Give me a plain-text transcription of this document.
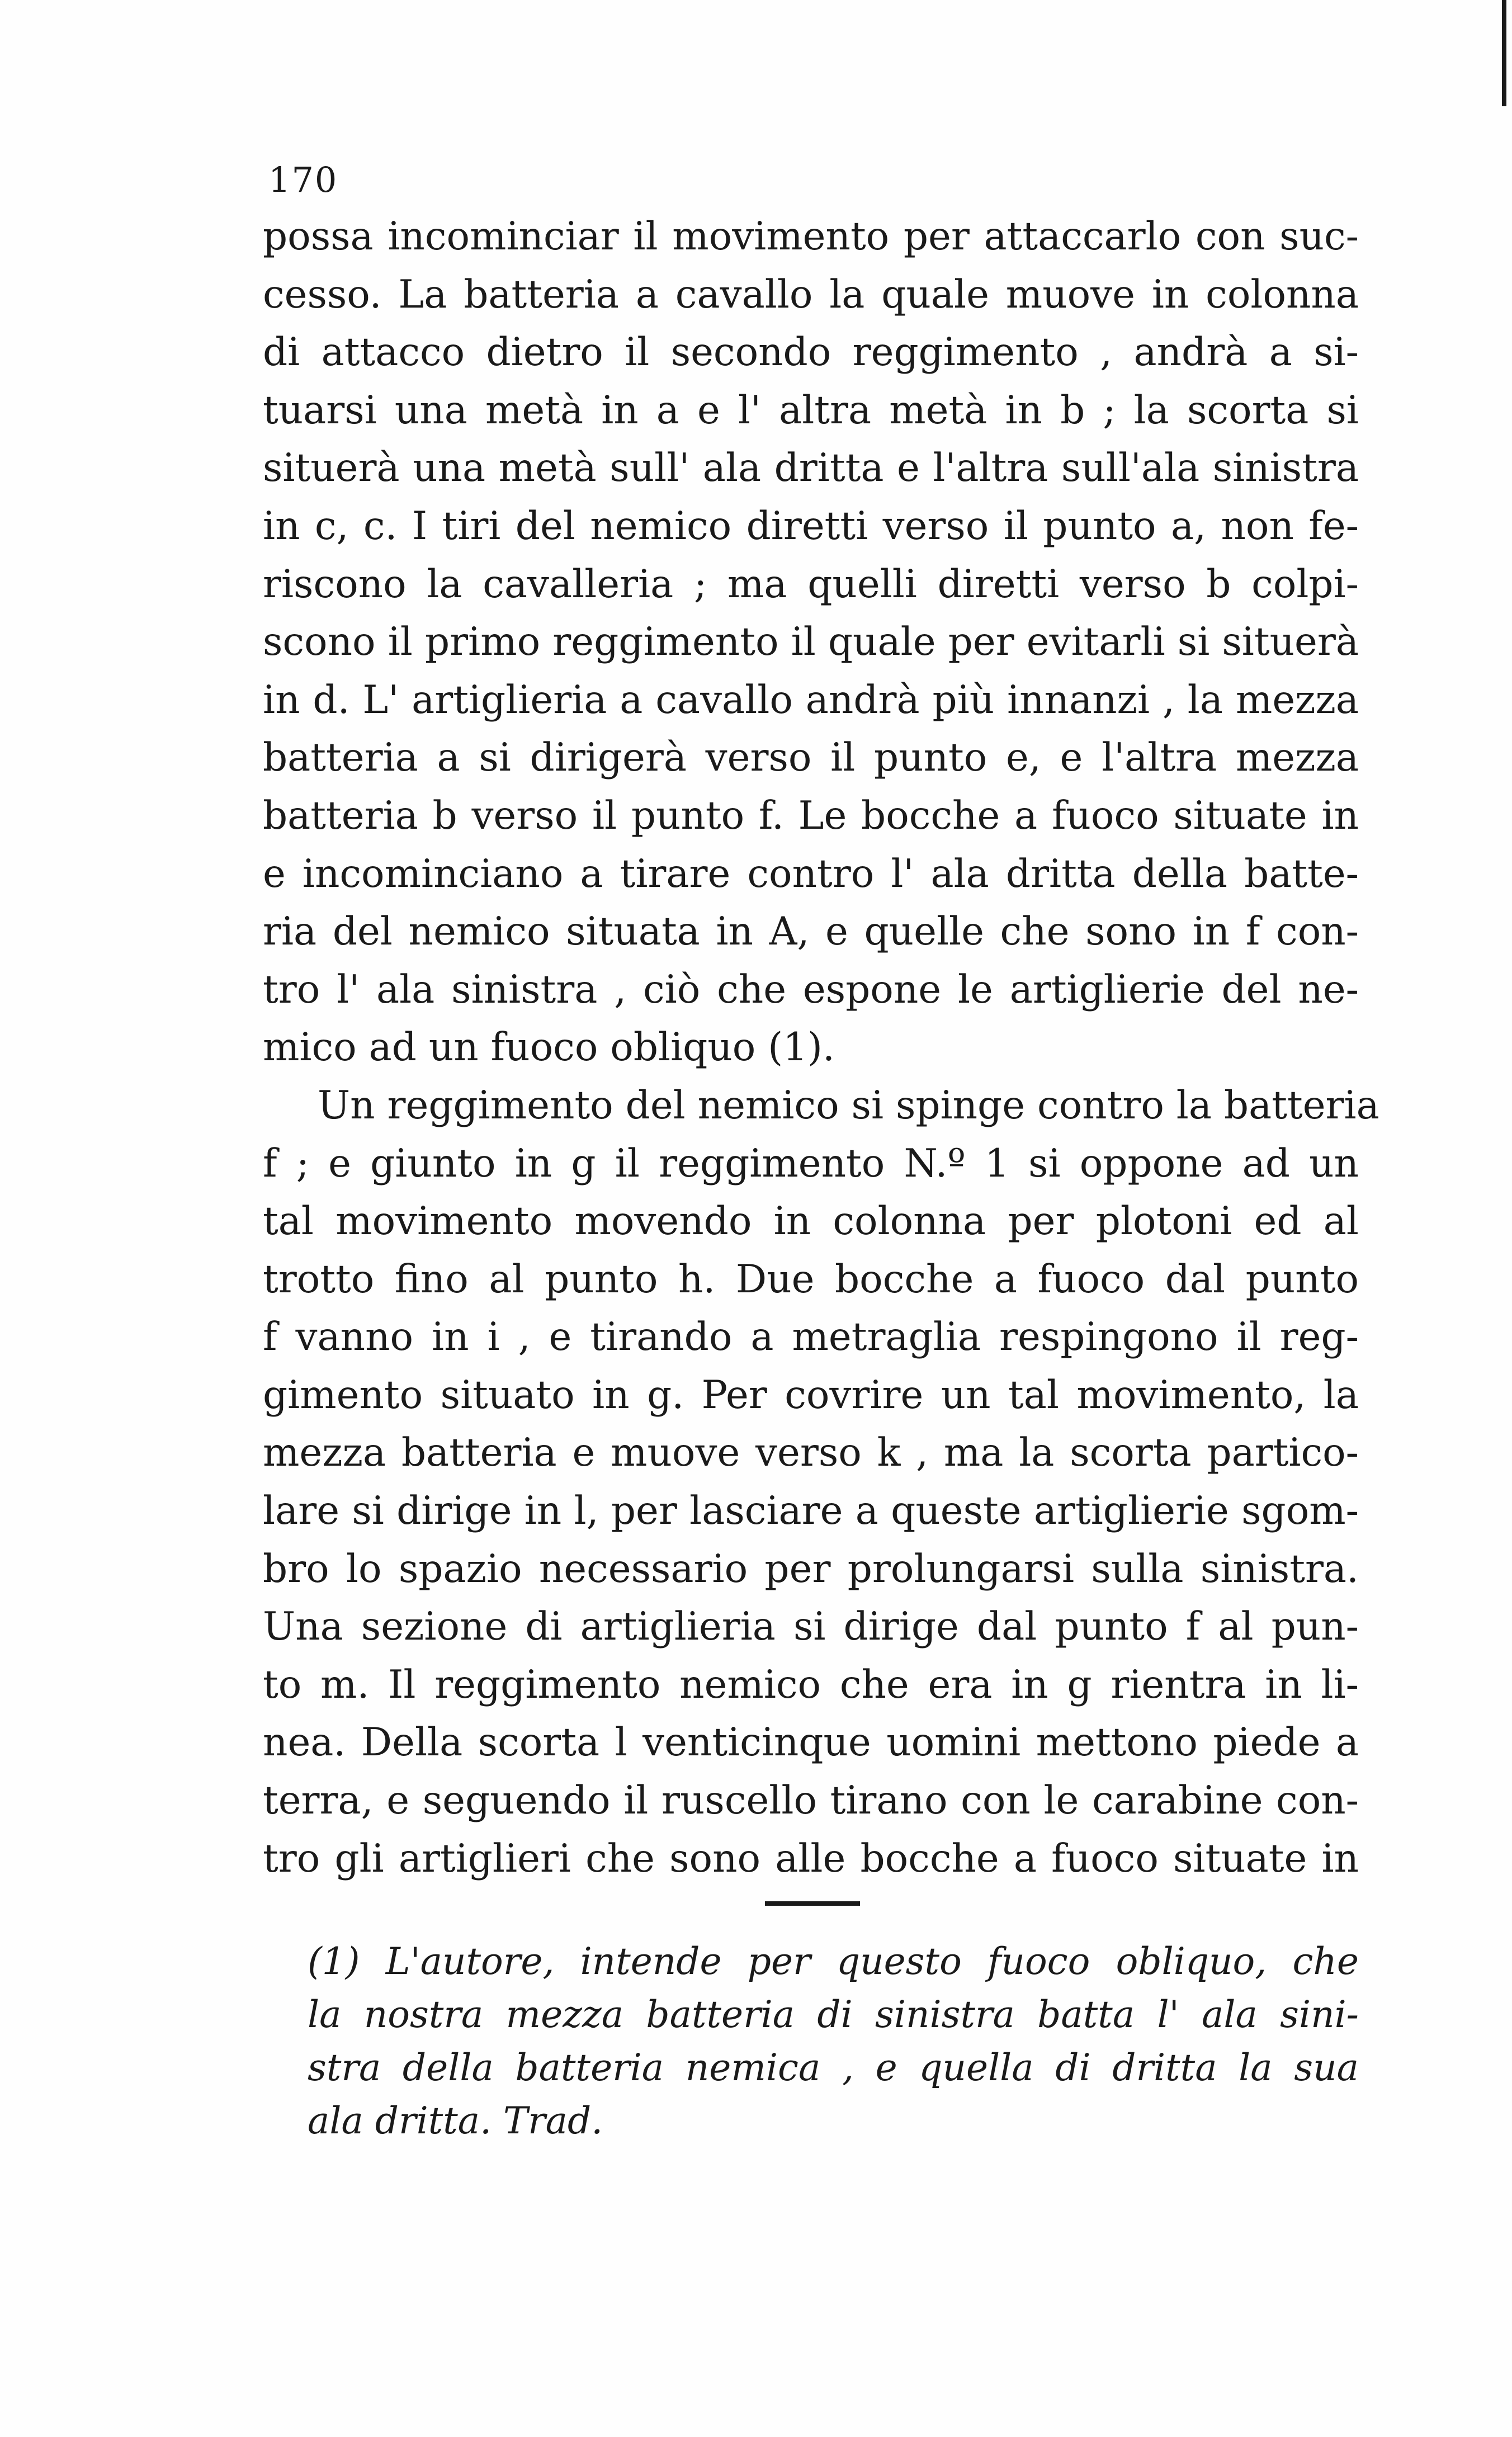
170
possa incominciar il movimento per attaccarlo con suc-
cesso. La batteria a cavallo la quale muove in colonna
di attacco dietro il secondo reggimento , andrà a si-
tuarsi una metà in a e l' altra metà in b ; la scorta si
situerà una metà sull' ala dritta e l'altra sull'ala sinistra
in c, c. I tiri del nemico diretti verso il punto a, non fe-
riscono la cavalleria ; ma quelli diretti verso b colpi-
scono il primo reggimento il quale per evitarli si situerà
in d. L' artiglieria a cavallo andrà più innanzi , la mezza
batteria a si dirigerà verso il punto e, e l'altra mezza
batteria b verso il punto f. Le bocche a fuoco situate in
e incominciano a tirare contro l' ala dritta della batte-
ria del nemico situata in A, e quelle che sono in f con-
tro l' ala sinistra , ciò che espone le artiglierie del ne-
mico ad un fuoco obliquo (1).
Un reggimento del nemico si spinge contro la batteria
f ; e giunto in g il reggimento N.º 1 si oppone ad un
tal movimento movendo in colonna per plotoni ed al
trotto fino al punto h. Due bocche a fuoco dal punto
f vanno in i , e tirando a metraglia respingono il reg-
gimento situato in g. Per covrire un tal movimento, la
mezza batteria e muove verso k , ma la scorta partico-
lare si dirige in l, per lasciare a queste artiglierie sgom-
bro lo spazio necessario per prolungarsi sulla sinistra.
Una sezione di artiglieria si dirige dal punto f al pun-
to m. Il reggimento nemico che era in g rientra in li-
nea. Della scorta l venticinque uomini mettono piede a
terra, e seguendo il ruscello tirano con le carabine con-
tro gli artiglieri che sono alle bocche a fuoco situate in
(1) L'autore, intende per questo fuoco obliquo, che
la nostra mezza batteria di sinistra batta l' ala sini-
stra della batteria nemica , e quella di dritta la sua
ala dritta. Trad.
